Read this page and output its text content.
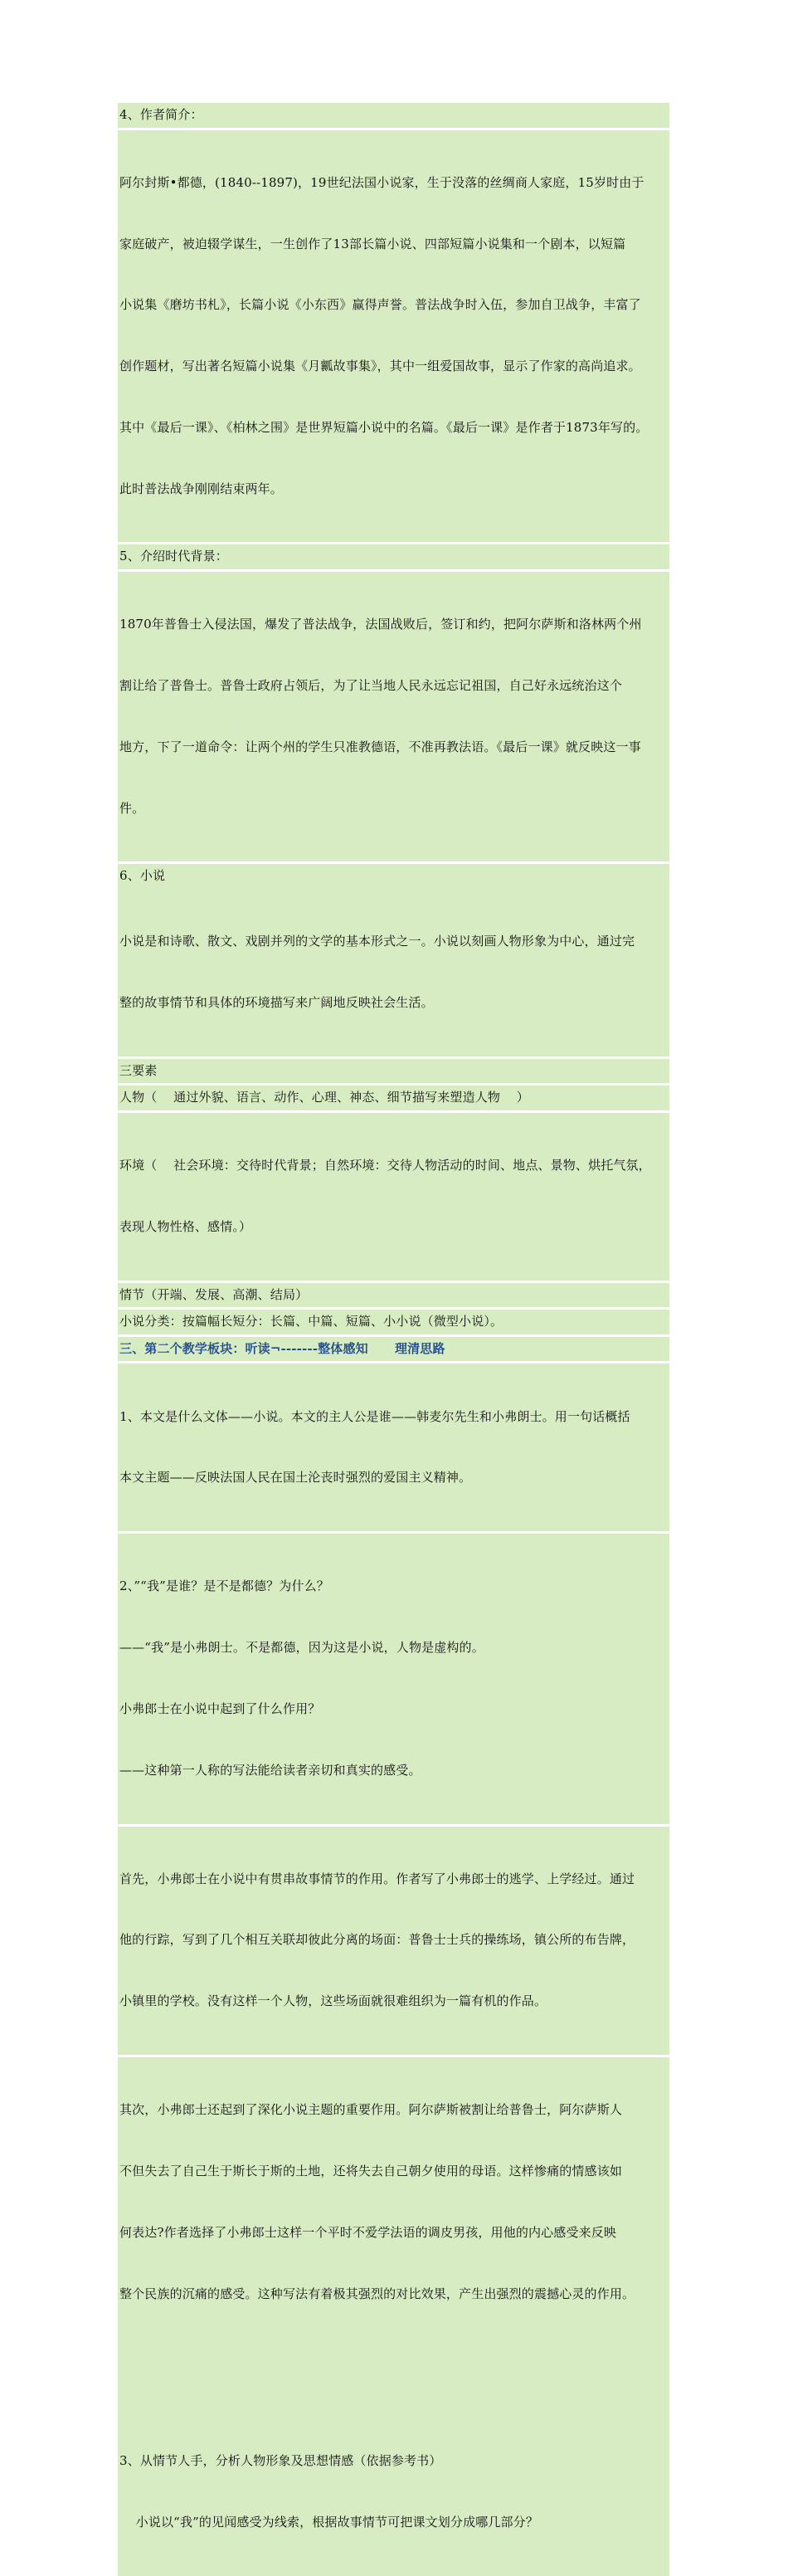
4、作者简介：

阿尔封斯•都德，(1840--1897)，19世纪法国小说家，生于没落的丝绸商人家庭，15岁时由于

家庭破产，被迫辍学谋生，一生创作了13部长篇小说、四部短篇小说集和一个剧本，以短篇

小说集《磨坊书札》，长篇小说《小东西》赢得声誉。普法战争时入伍，参加自卫战争，丰富了

创作题材，写出著名短篇小说集《月瓤故事集》，其中一组爱国故事，显示了作家的高尚追求。

其中《最后一课》、《柏林之围》是世界短篇小说中的名篇。《最后一课》是作者于1873年写的。

此时普法战争刚刚结束两年。

5、介绍时代背景：

1870年普鲁士入侵法国，爆发了普法战争，法国战败后，签订和约，把阿尔萨斯和洛林两个州

割让给了普鲁士。普鲁士政府占领后，为了让当地人民永远忘记祖国，自己好永远统治这个

地方，下了一道命令：让两个州的学生只准教德语，不准再教法语。《最后一课》就反映这一事

件。

6、小说

小说是和诗歌、散文、戏剧并列的文学的基本形式之一。小说以刻画人物形象为中心，通过完

整的故事情节和具体的环境描写来广阔地反映社会生活。

三要素
人物（    通过外貌、语言、动作、心理、神态、细节描写来塑造人物    ）

环境（    社会环境：交待时代背景；自然环境：交待人物活动的时间、地点、景物、烘托气氛，

表现人物性格、感情。）

情节（开端、发展、高潮、结局）
小说分类：按篇幅长短分：长篇、中篇、短篇、小小说（微型小说）。
三、第二个教学板块：听读¬-------整体感知      理清思路

1、本文是什么文体——小说。本文的主人公是谁——韩麦尔先生和小弗朗士。用一句话概括

本文主题——反映法国人民在国土沦丧时强烈的爱国主义精神。

2、”“我”是谁？是不是都德？为什么？

——“我”是小弗朗士。不是都德，因为这是小说，人物是虚构的。

小弗郎士在小说中起到了什么作用？

——这种第一人称的写法能给读者亲切和真实的感受。

首先，小弗郎士在小说中有贯串故事情节的作用。作者写了小弗郎士的逃学、上学经过。通过

他的行踪，写到了几个相互关联却彼此分离的场面：普鲁士士兵的操练场，镇公所的布告牌，

小镇里的学校。没有这样一个人物，这些场面就很难组织为一篇有机的作品。

其次，小弗郎士还起到了深化小说主题的重要作用。阿尔萨斯被割让给普鲁士，阿尔萨斯人

不但失去了自己生于斯长于斯的土地，还将失去自己朝夕使用的母语。这样惨痛的情感该如

何表达?作者选择了小弗郎士这样一个平时不爱学法语的调皮男孩，用他的内心感受来反映

整个民族的沉痛的感受。这种写法有着极其强烈的对比效果，产生出强烈的震撼心灵的作用。

3、从情节人手，分析人物形象及思想情感（依据参考书）

小说以“我”的见闻感受为线索，根据故事情节可把课文划分成哪几部分？
